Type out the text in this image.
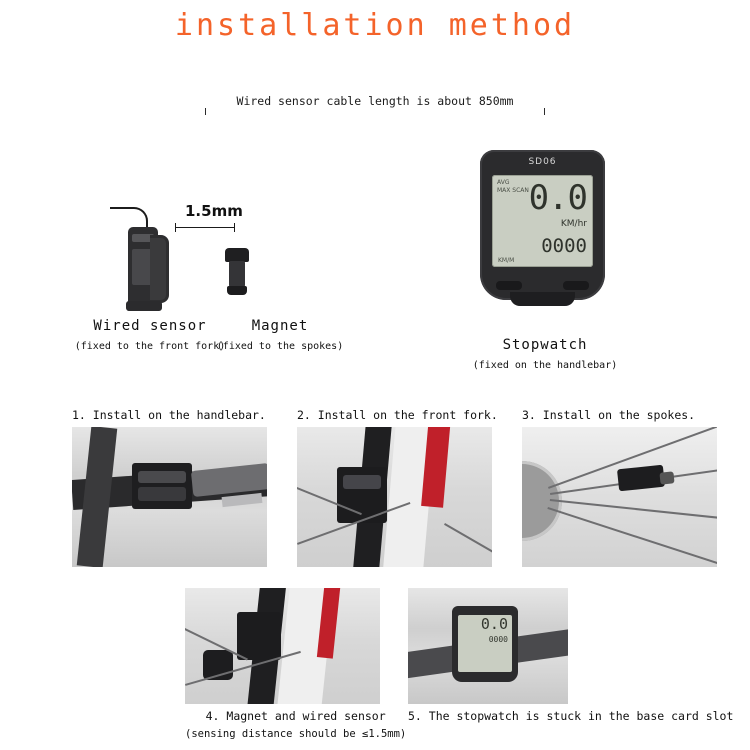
installation method
Wired sensor cable length is about 850mm
1.5mm
SD06
AVG
MAX SCAN 0.0
KM/hr
0000
KM/M
Wired sensor
(fixed to the front fork)
Magnet
(fixed to the spokes)	Stopwatch
(fixed on the handlebar)
1. Install on the handlebar.	2. Install on the front fork. 3. Install on the spokes.
4. Magnet and wired sensor
(sensing distance should be ≤1.5mm)
0.0
0000
5. The stopwatch is stuck in the base card slot
